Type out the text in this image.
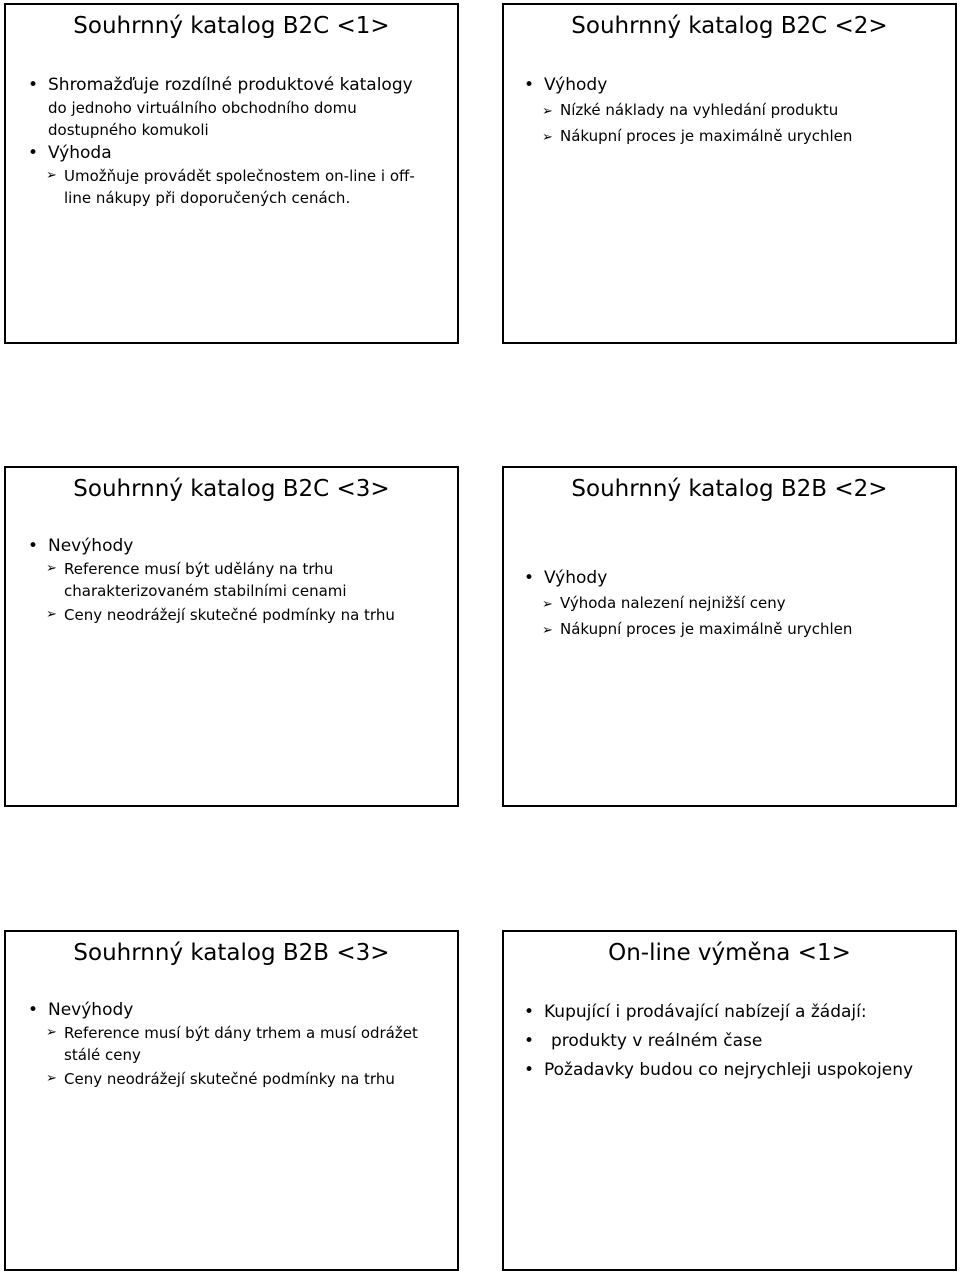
Souhrnný katalog B2C <1>
• Shromažďuje rozdílné produktové katalogy
do jednoho virtuálního obchodního domu
dostupného komukoli
• Výhoda
➢ Umožňuje provádět společnostem on-line i off-
line nákupy při doporučených cenách.
Souhrnný katalog B2C <2>
• Výhody
➢ Nízké náklady na vyhledání produktu
➢ Nákupní proces je maximálně urychlen
Souhrnný katalog B2C <3>
• Nevýhody
➢ Reference musí být udělány na trhu
charakterizovaném stabilními cenami
➢ Ceny neodrážejí skutečné podmínky na trhu
Souhrnný katalog B2B <2>
• Výhody
➢ Výhoda nalezení nejnižší ceny
➢ Nákupní proces je maximálně urychlen
Souhrnný katalog B2B <3>
• Nevýhody
➢ Reference musí být dány trhem a musí odrážet
stálé ceny
➢ Ceny neodrážejí skutečné podmínky na trhu
On-line výměna <1>
• Kupující i prodávající nabízejí a žádají:
• produkty v reálném čase
• Požadavky budou co nejrychleji uspokojeny
